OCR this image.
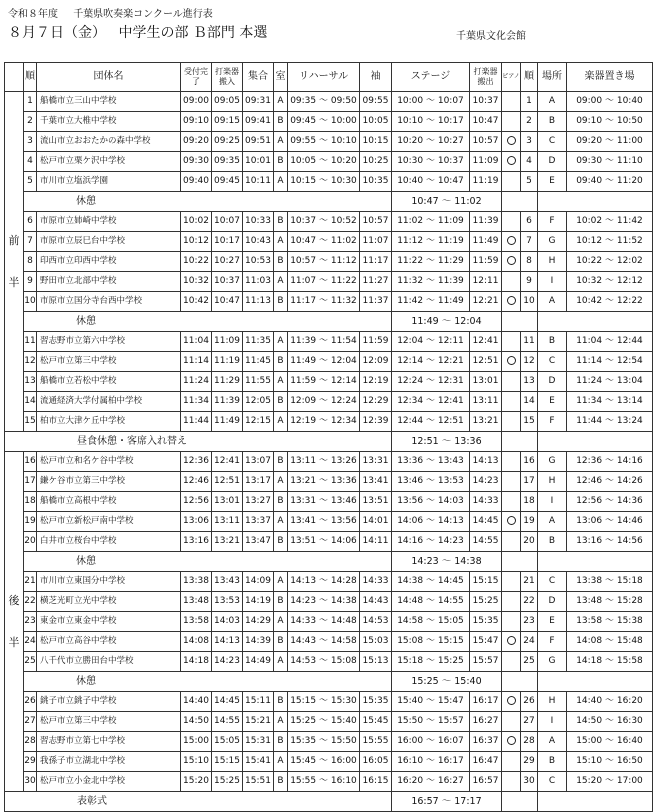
令和８年度 千葉県吹奏楽コンクール進行表
８月７日（金） 中学生の部 Ｂ部門 本選	千葉県文化会館
	順	団体名	受付完了	打楽器搬入	集合	室	リハーサル	袖	ステージ	打楽器搬出	ピアノ	順	場所	楽器置き場
前

半	1	船橋市立三山中学校	09:00	09:05	09:31	A	09:35 ～ 09:50	09:55	10:00 ～ 10:07	10:37		1	A	09:00 ～ 10:40
	2	千葉市立大椎中学校	09:10	09:15	09:41	B	09:45 ～ 10:00	10:05	10:10 ～ 10:17	10:47		2	B	09:10 ～ 10:50
	3	流山市立おおたかの森中学校	09:20	09:25	09:51	A	09:55 ～ 10:10	10:15	10:20 ～ 10:27	10:57		3	C	09:20 ～ 11:00
	4	松戸市立栗ケ沢中学校	09:30	09:35	10:01	B	10:05 ～ 10:20	10:25	10:30 ～ 10:37	11:09		4	D	09:30 ～ 11:10
	5	市川市立塩浜学園	09:40	09:45	10:11	A	10:15 ～ 10:30	10:35	10:40 ～ 10:47	11:19		5	E	09:40 ～ 11:20
	休憩								10:47 ～ 11:02					
	6	市原市立姉崎中学校	10:02	10:07	10:33	B	10:37 ～ 10:52	10:57	11:02 ～ 11:09	11:39		6	F	10:02 ～ 11:42
	7	市原市立辰巳台中学校	10:12	10:17	10:43	A	10:47 ～ 11:02	11:07	11:12 ～ 11:19	11:49		7	G	10:12 ～ 11:52
	8	印西市立印西中学校	10:22	10:27	10:53	B	10:57 ～ 11:12	11:17	11:22 ～ 11:29	11:59		8	H	10:22 ～ 12:02
	9	野田市立北部中学校	10:32	10:37	11:03	A	11:07 ～ 11:22	11:27	11:32 ～ 11:39	12:11		9	I	10:32 ～ 12:12
	10	市原市立国分寺台西中学校	10:42	10:47	11:13	B	11:17 ～ 11:32	11:37	11:42 ～ 11:49	12:21		10	A	10:42 ～ 12:22
	休憩								11:49 ～ 12:04					
	11	習志野市立第六中学校	11:04	11:09	11:35	A	11:39 ～ 11:54	11:59	12:04 ～ 12:11	12:41		11	B	11:04 ～ 12:44
	12	松戸市立第三中学校	11:14	11:19	11:45	B	11:49 ～ 12:04	12:09	12:14 ～ 12:21	12:51		12	C	11:14 ～ 12:54
	13	船橋市立若松中学校	11:24	11:29	11:55	A	11:59 ～ 12:14	12:19	12:24 ～ 12:31	13:01		13	D	11:24 ～ 13:04
	14	流通経済大学付属柏中学校	11:34	11:39	12:05	B	12:09 ～ 12:24	12:29	12:34 ～ 12:41	13:11		14	E	11:34 ～ 13:14
	15	柏市立大津ケ丘中学校	11:44	11:49	12:15	A	12:19 ～ 12:34	12:39	12:44 ～ 12:51	13:21		15	F	11:44 ～ 13:24
昼食休憩・客席入れ替え									12:51 ～ 13:36					
後

半	16	松戸市立和名ケ谷中学校	12:36	12:41	13:07	B	13:11 ～ 13:26	13:31	13:36 ～ 13:43	14:13		16	G	12:36 ～ 14:16
	17	鎌ケ谷市立第三中学校	12:46	12:51	13:17	A	13:21 ～ 13:36	13:41	13:46 ～ 13:53	14:23		17	H	12:46 ～ 14:26
	18	船橋市立高根中学校	12:56	13:01	13:27	B	13:31 ～ 13:46	13:51	13:56 ～ 14:03	14:33		18	I	12:56 ～ 14:36
	19	松戸市立新松戸南中学校	13:06	13:11	13:37	A	13:41 ～ 13:56	14:01	14:06 ～ 14:13	14:45		19	A	13:06 ～ 14:46
	20	白井市立桜台中学校	13:16	13:21	13:47	B	13:51 ～ 14:06	14:11	14:16 ～ 14:23	14:55		20	B	13:16 ～ 14:56
	休憩								14:23 ～ 14:38					
	21	市川市立東国分中学校	13:38	13:43	14:09	A	14:13 ～ 14:28	14:33	14:38 ～ 14:45	15:15		21	C	13:38 ～ 15:18
	22	横芝光町立光中学校	13:48	13:53	14:19	B	14:23 ～ 14:38	14:43	14:48 ～ 14:55	15:25		22	D	13:48 ～ 15:28
	23	東金市立東金中学校	13:58	14:03	14:29	A	14:33 ～ 14:48	14:53	14:58 ～ 15:05	15:35		23	E	13:58 ～ 15:38
	24	松戸市立高谷中学校	14:08	14:13	14:39	B	14:43 ～ 14:58	15:03	15:08 ～ 15:15	15:47		24	F	14:08 ～ 15:48
	25	八千代市立勝田台中学校	14:18	14:23	14:49	A	14:53 ～ 15:08	15:13	15:18 ～ 15:25	15:57		25	G	14:18 ～ 15:58
	休憩								15:25 ～ 15:40					
	26	銚子市立銚子中学校	14:40	14:45	15:11	B	15:15 ～ 15:30	15:35	15:40 ～ 15:47	16:17		26	H	14:40 ～ 16:20
	27	松戸市立第三中学校	14:50	14:55	15:21	A	15:25 ～ 15:40	15:45	15:50 ～ 15:57	16:27		27	I	14:50 ～ 16:30
	28	習志野市立第七中学校	15:00	15:05	15:31	B	15:35 ～ 15:50	15:55	16:00 ～ 16:07	16:37		28	A	15:00 ～ 16:40
	29	我孫子市立湖北中学校	15:10	15:15	15:41	A	15:45 ～ 16:00	16:05	16:10 ～ 16:17	16:47		29	B	15:10 ～ 16:50
	30	松戸市立小金北中学校	15:20	15:25	15:51	B	15:55 ～ 16:10	16:15	16:20 ～ 16:27	16:57		30	C	15:20 ～ 17:00
表彰式									16:57 ～ 17:17					
